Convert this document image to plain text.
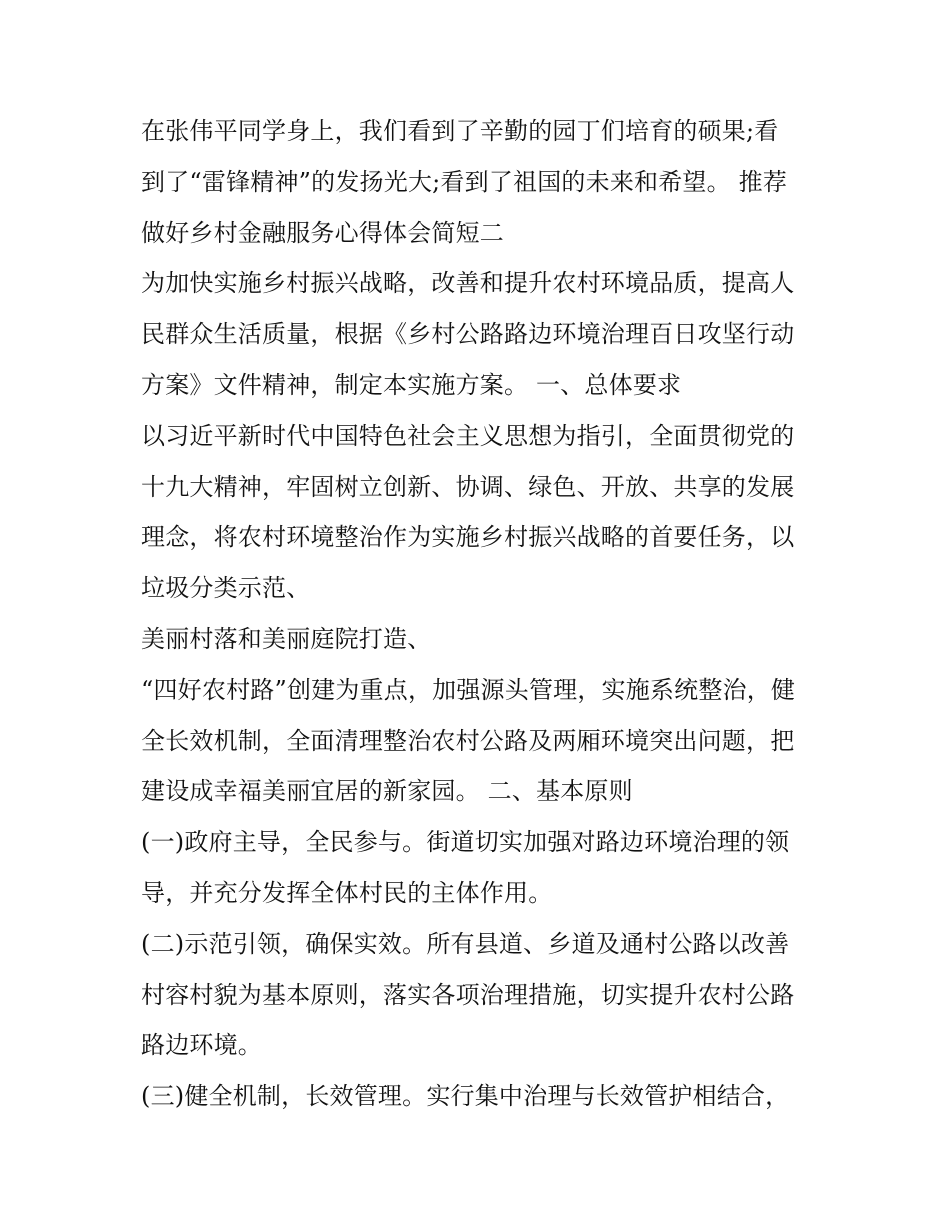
在张伟平同学身上，我们看到了辛勤的园丁们培育的硕果;看
到了“雷锋精神”的发扬光大;看到了祖国的未来和希望。 推荐
做好乡村金融服务心得体会简短二
为加快实施乡村振兴战略，改善和提升农村环境品质，提高人
民群众生活质量，根据《乡村公路路边环境治理百日攻坚行动
方案》文件精神，制定本实施方案。 一、总体要求
以习近平新时代中国特色社会主义思想为指引，全面贯彻党的
十九大精神，牢固树立创新、协调、绿色、开放、共享的发展
理念，将农村环境整治作为实施乡村振兴战略的首要任务，以
垃圾分类示范、
美丽村落和美丽庭院打造、
“四好农村路”创建为重点，加强源头管理，实施系统整治，健
全长效机制，全面清理整治农村公路及两厢环境突出问题，把
建设成幸福美丽宜居的新家园。 二、基本原则
(一)政府主导，全民参与。街道切实加强对路边环境治理的领
导，并充分发挥全体村民的主体作用。
(二)示范引领，确保实效。所有县道、乡道及通村公路以改善
村容村貌为基本原则，落实各项治理措施，切实提升农村公路
路边环境。
(三)健全机制，长效管理。实行集中治理与长效管护相结合，
